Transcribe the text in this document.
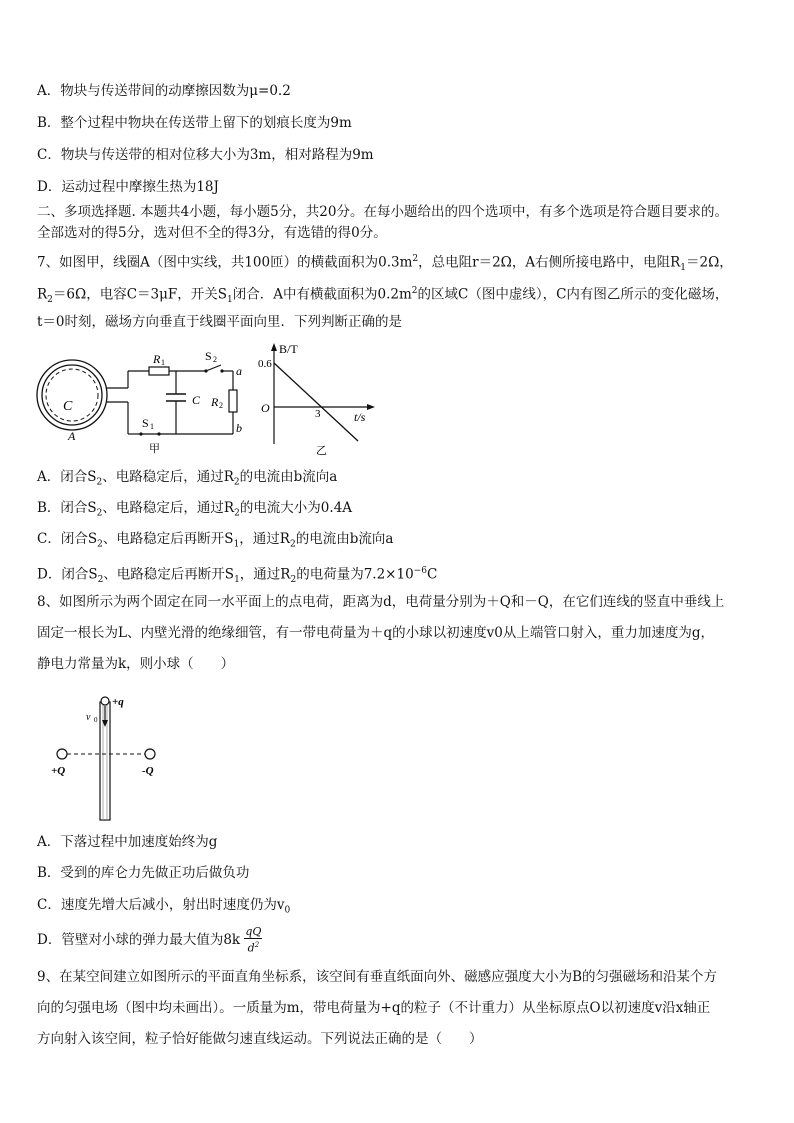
A．物块与传送带间的动摩擦因数为μ=0.2
B．整个过程中物块在传送带上留下的划痕长度为9m
C．物块与传送带的相对位移大小为3m，相对路程为9m
D．运动过程中摩擦生热为18J
二、多项选择题. 本题共4小题，每小题5分，共20分。在每小题给出的四个选项中，有多个选项是符合题目要求的。
全部选对的得5分，选对但不全的得3分，有选错的得0分。
7、如图甲，线圈A（图中实线，共100匝）的横截面积为$0.3m^2$，总电阻r＝2Ω，A右侧所接电路中，电阻$R_1=2\Omega$，
$R_2=6\Omega$，电容C＝3μF，开关$S_1$闭合．A中有横截面积为$0.2m^2$的区域C（图中虚线），C内有图乙所示的变化磁场，
t＝0时刻，磁场方向垂直于线圈平面向里．下列判断正确的是
C
A
R 1	S 2
a
C R 2
b
S 1
甲
B/T
t/s
O
0.6
3
乙
A．闭合$S_2$、电路稳定后，通过$R_2$的电流由b流向a
B．闭合$S_2$、电路稳定后，通过$R_2$的电流大小为0.4A
C．闭合$S_2$、电路稳定后再断开$S_1$，通过$R_2$的电流由b流向a
D．闭合$S_2$、电路稳定后再断开$S_1$，通过$R_2$的电荷量为$7.2\times 10^{-6}C$
8、如图所示为两个固定在同一水平面上的点电荷，距离为d，电荷量分别为＋Q和－Q，在它们连线的竖直中垂线上
固定一根长为L、内壁光滑的绝缘细管，有一带电荷量为＋q的小球以初速度v0从上端管口射入，重力加速度为g，
静电力常量为k，则小球（　　）
+q
v 0
+Q	-Q
A．下落过程中加速度始终为g
B．受到的库仑力先做正功后做负功
C．速度先增大后减小，射出时速度仍为$v_0$
D．管壁对小球的弹力最大值为$8k \frac{qQ}{d^2}$
9、在某空间建立如图所示的平面直角坐标系，该空间有垂直纸面向外、磁感应强度大小为B的匀强磁场和沿某个方
向的匀强电场（图中均未画出）。一质量为m，带电荷量为+q的粒子（不计重力）从坐标原点O以初速度v沿x轴正
方向射入该空间，粒子恰好能做匀速直线运动。下列说法正确的是（　　）
